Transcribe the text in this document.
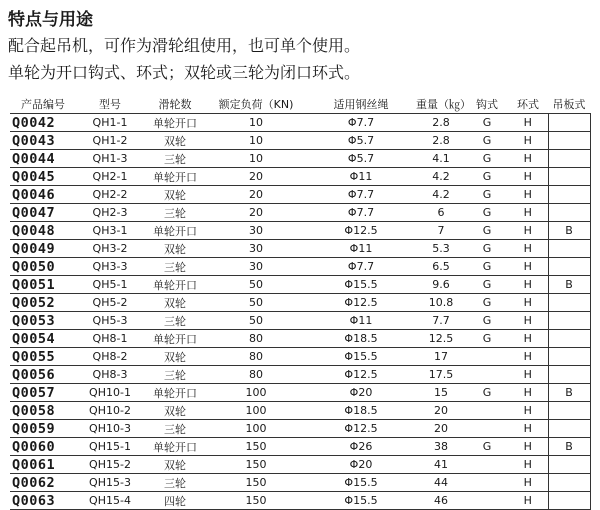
特点与用途
配合起吊机，可作为滑轮组使用，也可单个使用。
单轮为开口钩式、环式；双轮或三轮为闭口环式。
产品编号	型号	滑轮数	额定负荷（KN)	适用钢丝绳	重量（㎏）	钩式	环式	吊板式
Q0042	QH1-1	单轮开口	10	Φ7.7	2.8	G	H	
Q0043	QH1-2	双轮	10	Φ5.7	2.8	G	H	
Q0044	QH1-3	三轮	10	Φ5.7	4.1	G	H	
Q0045	QH2-1	单轮开口	20	Φ11	4.2	G	H	
Q0046	QH2-2	双轮	20	Φ7.7	4.2	G	H	
Q0047	QH2-3	三轮	20	Φ7.7	6	G	H	
Q0048	QH3-1	单轮开口	30	Φ12.5	7	G	H	B
Q0049	QH3-2	双轮	30	Φ11	5.3	G	H	
Q0050	QH3-3	三轮	30	Φ7.7	6.5	G	H	
Q0051	QH5-1	单轮开口	50	Φ15.5	9.6	G	H	B
Q0052	QH5-2	双轮	50	Φ12.5	10.8	G	H	
Q0053	QH5-3	三轮	50	Φ11	7.7	G	H	
Q0054	QH8-1	单轮开口	80	Φ18.5	12.5	G	H	
Q0055	QH8-2	双轮	80	Φ15.5	17		H	
Q0056	QH8-3	三轮	80	Φ12.5	17.5		H	
Q0057	QH10-1	单轮开口	100	Φ20	15	G	H	B
Q0058	QH10-2	双轮	100	Φ18.5	20		H	
Q0059	QH10-3	三轮	100	Φ12.5	20		H	
Q0060	QH15-1	单轮开口	150	Φ26	38	G	H	B
Q0061	QH15-2	双轮	150	Φ20	41		H	
Q0062	QH15-3	三轮	150	Φ15.5	44		H	
Q0063	QH15-4	四轮	150	Φ15.5	46		H	
